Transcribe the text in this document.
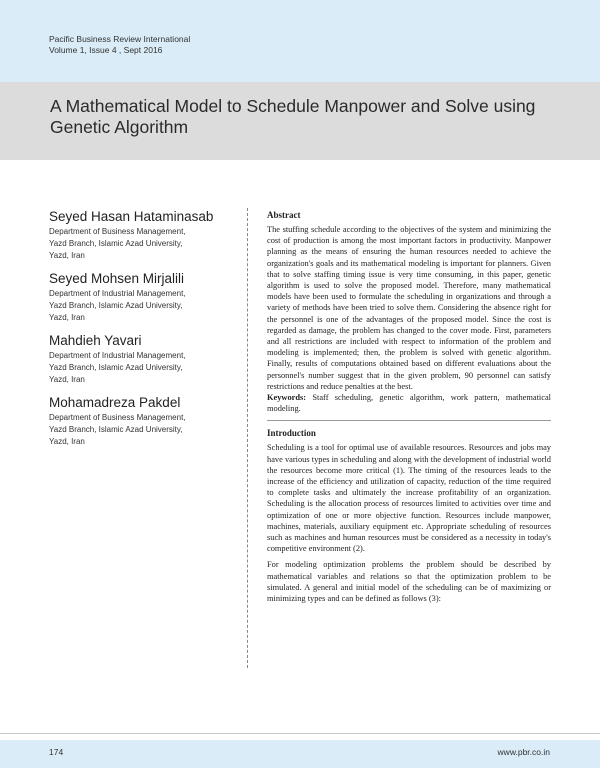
Pacific Business Review International
Volume 1, Issue 4 , Sept 2016
A Mathematical Model to Schedule Manpower and Solve using Genetic Algorithm
Seyed Hasan Hataminasab
Department of Business Management,
Yazd Branch, Islamic Azad University,
Yazd, Iran
Seyed Mohsen Mirjalili
Department of Industrial Management,
Yazd Branch, Islamic Azad University,
Yazd, Iran
Mahdieh Yavari
Department of Industrial Management,
Yazd Branch, Islamic Azad University,
Yazd, Iran
Mohamadreza Pakdel
Department of Business Management,
Yazd Branch, Islamic Azad University,
Yazd, Iran
Abstract

The stuffing schedule according to the objectives of the system and minimizing the cost of production is among the most important factors in productivity. Manpower planning as the means of ensuring the human resources needed to achieve the organization's goals and its mathematical modeling is important for planners. Given that to solve staffing timing issue is very time consuming, in this paper, genetic algorithm is used to solve the proposed model. Therefore, many mathematical models have been used to formulate the scheduling in organizations and through a variety of methods have been tried to solve them. Considering the absence right for the personnel is one of the advantages of the proposed model. Since the cost is regarded as damage, the problem has changed to the cover mode. First, parameters and all restrictions are included with respect to information of the problem and modeling is implemented; then, the problem is solved with genetic algorithm. Finally, results of computations obtained based on different evaluations about the personnel's number suggest that in the given problem, 90 personnel can satisfy restrictions and reduce penalties at the best.

Keywords: Staff scheduling, genetic algorithm, work pattern, mathematical modeling.

Introduction

Scheduling is a tool for optimal use of available resources. Resources and jobs may have various types in scheduling and along with the development of industrial world the resources become more critical (1). The timing of the resources leads to the increase of the efficiency and utilization of capacity, reduction of the time required to complete tasks and ultimately the increase profitability of an organization. Scheduling is the allocation process of resources limited to activities over time and optimization of one or more objective function. Resources include manpower, machines, materials, auxiliary equipment etc. Appropriate scheduling of resources such as machines and human resources must be considered as a necessity in today's competitive environment (2).

For modeling optimization problems the problem should be described by mathematical variables and relations so that the optimization problem to be simulated. A general and initial model of the scheduling can be of maximizing or minimizing types and can be defined as follows (3):

174	www.pbr.co.in
